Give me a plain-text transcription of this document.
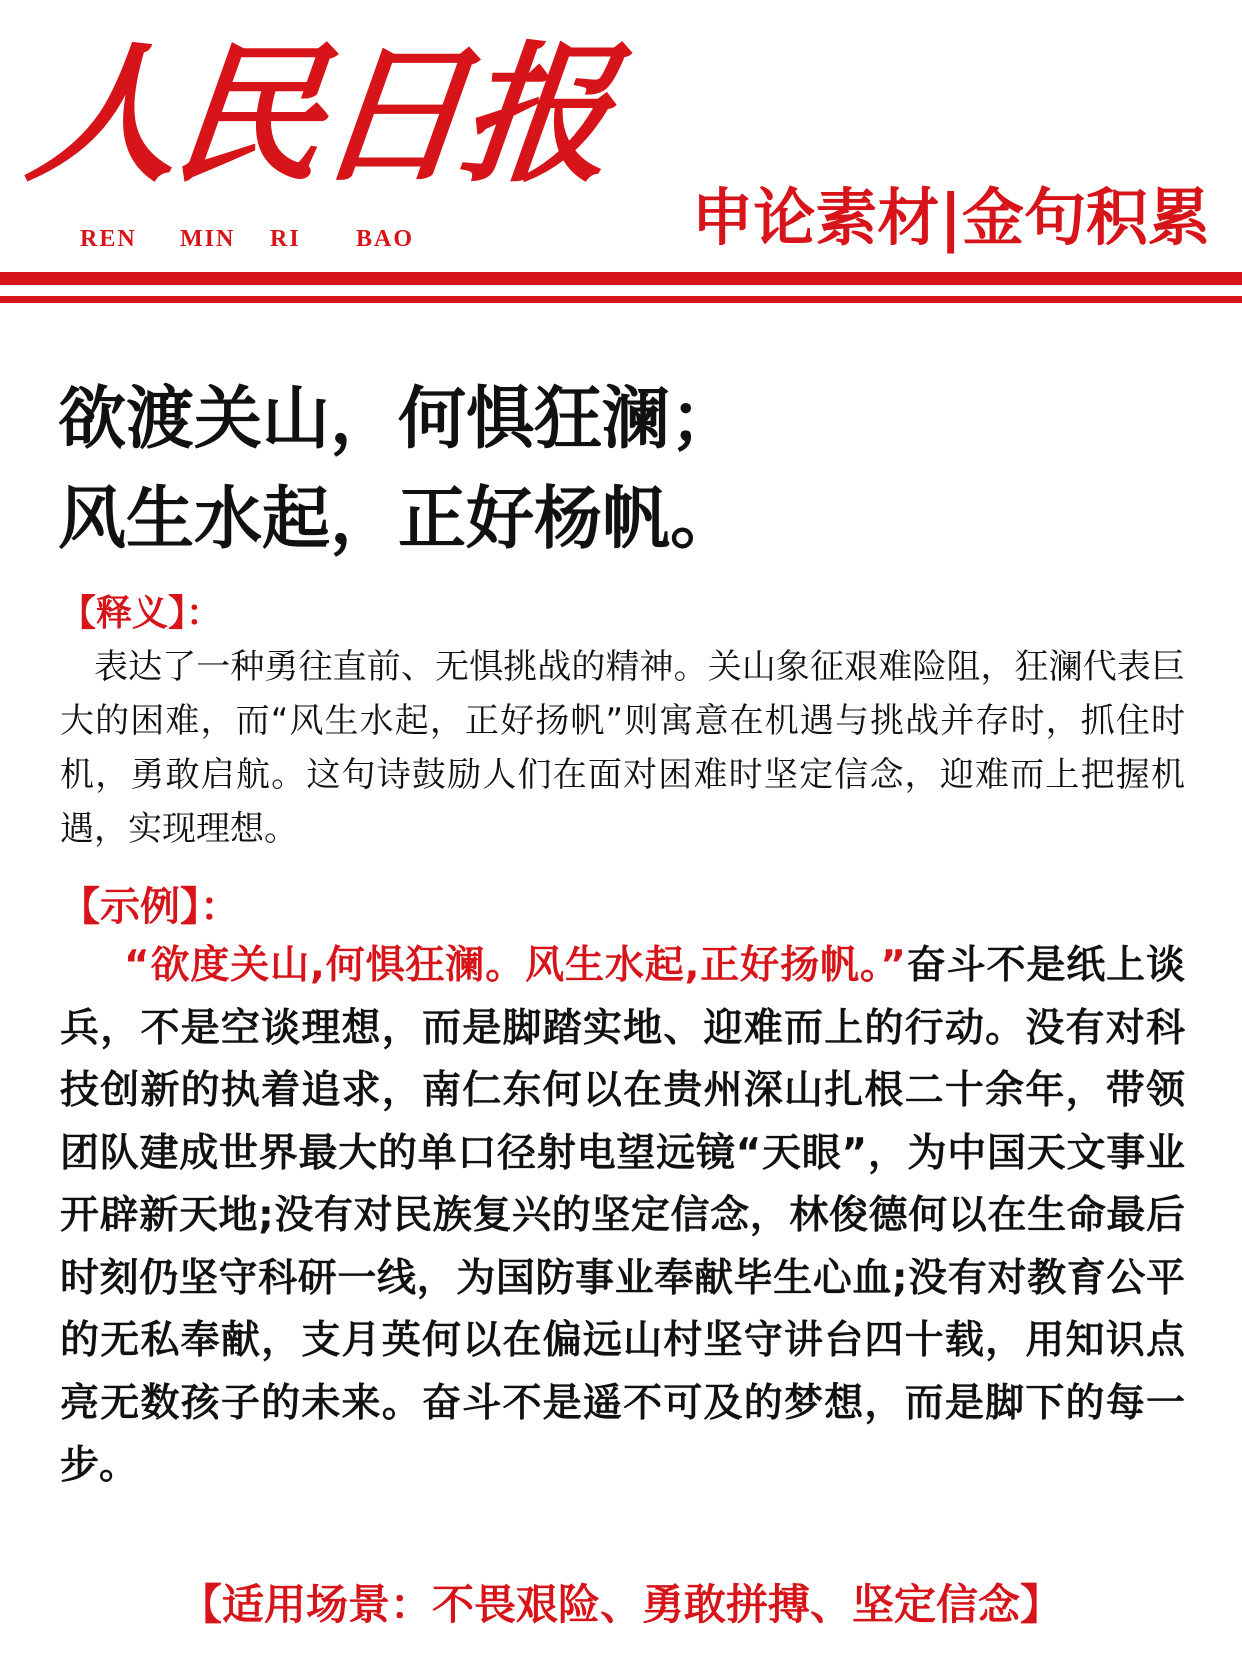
人民日报
REN MIN RI BAO	申论素材|金句积累
欲渡关山，何惧狂澜；
风生水起，正好杨帆。
【释义】：
表达了一种勇往直前、无惧挑战的精神。关山象征艰难险阻，狂澜代表巨大的困难，而“风生水起，正好扬帆”则寓意在机遇与挑战并存时，抓住时机，勇敢启航。这句诗鼓励人们在面对困难时坚定信念，迎难而上把握机遇，实现理想。
【示例】：
“欲度关山,何惧狂澜。风生水起,正好扬帆。”奋斗不是纸上谈兵，不是空谈理想，而是脚踏实地、迎难而上的行动。没有对科技创新的执着追求，南仁东何以在贵州深山扎根二十余年，带领团队建成世界最大的单口径射电望远镜“天眼”，为中国天文事业开辟新天地;没有对民族复兴的坚定信念，林俊德何以在生命最后时刻仍坚守科研一线，为国防事业奉献毕生心血;没有对教育公平的无私奉献，支月英何以在偏远山村坚守讲台四十载，用知识点亮无数孩子的未来。奋斗不是遥不可及的梦想，而是脚下的每一步。
【适用场景：不畏艰险、勇敢拼搏、坚定信念】
